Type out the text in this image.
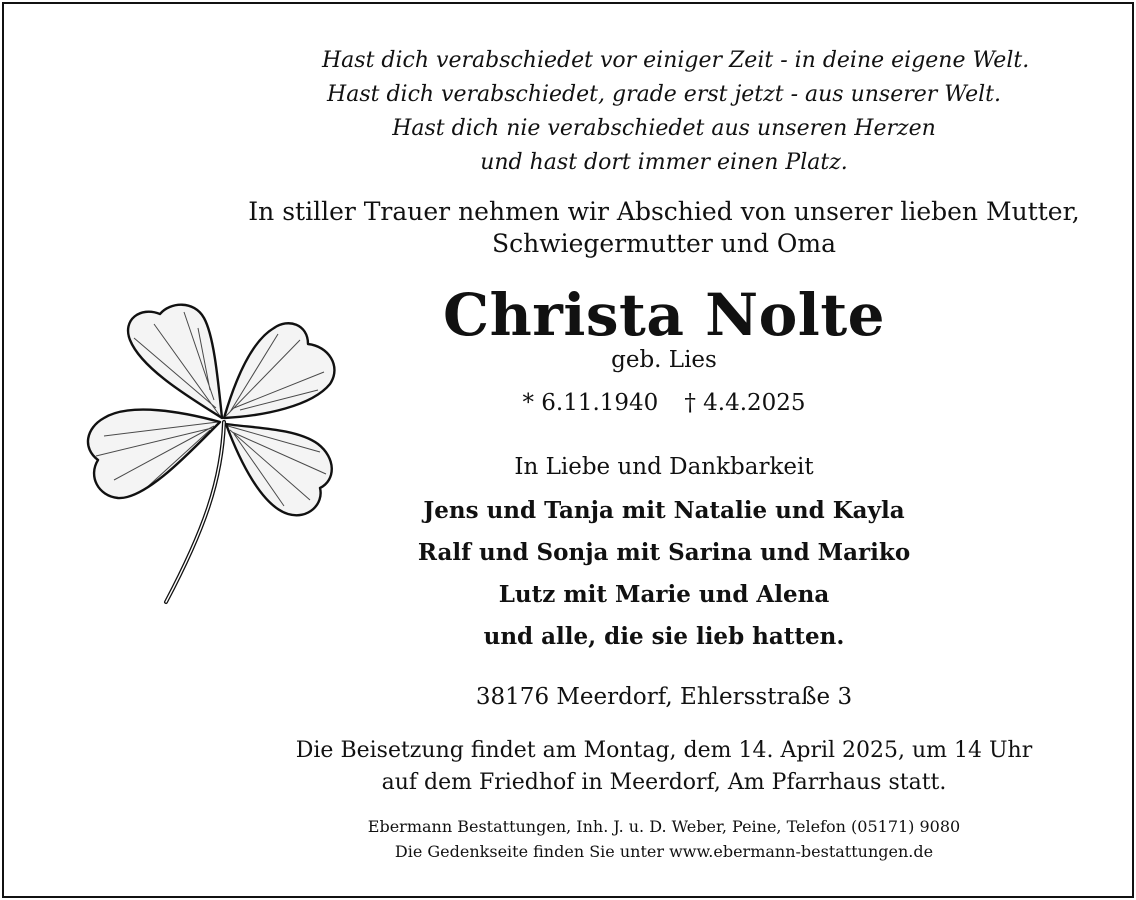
Hast dich verabschiedet vor einiger Zeit - in deine eigene Welt.
Hast dich verabschiedet, grade erst jetzt - aus unserer Welt.
Hast dich nie verabschiedet aus unseren Herzen
und hast dort immer einen Platz.
In stiller Trauer nehmen wir Abschied von unserer lieben Mutter,
Schwiegermutter und Oma
Christa Nolte
geb. Lies
* 6.11.1940 † 4.4.2025
In Liebe und Dankbarkeit
Jens und Tanja mit Natalie und Kayla
Ralf und Sonja mit Sarina und Mariko
Lutz mit Marie und Alena
und alle, die sie lieb hatten.
38176 Meerdorf, Ehlersstraße 3
Die Beisetzung findet am Montag, dem 14. April 2025, um 14 Uhr
auf dem Friedhof in Meerdorf, Am Pfarrhaus statt.
Ebermann Bestattungen, Inh. J. u. D. Weber, Peine, Telefon (05171) 9080
Die Gedenkseite finden Sie unter www.ebermann-bestattungen.de
